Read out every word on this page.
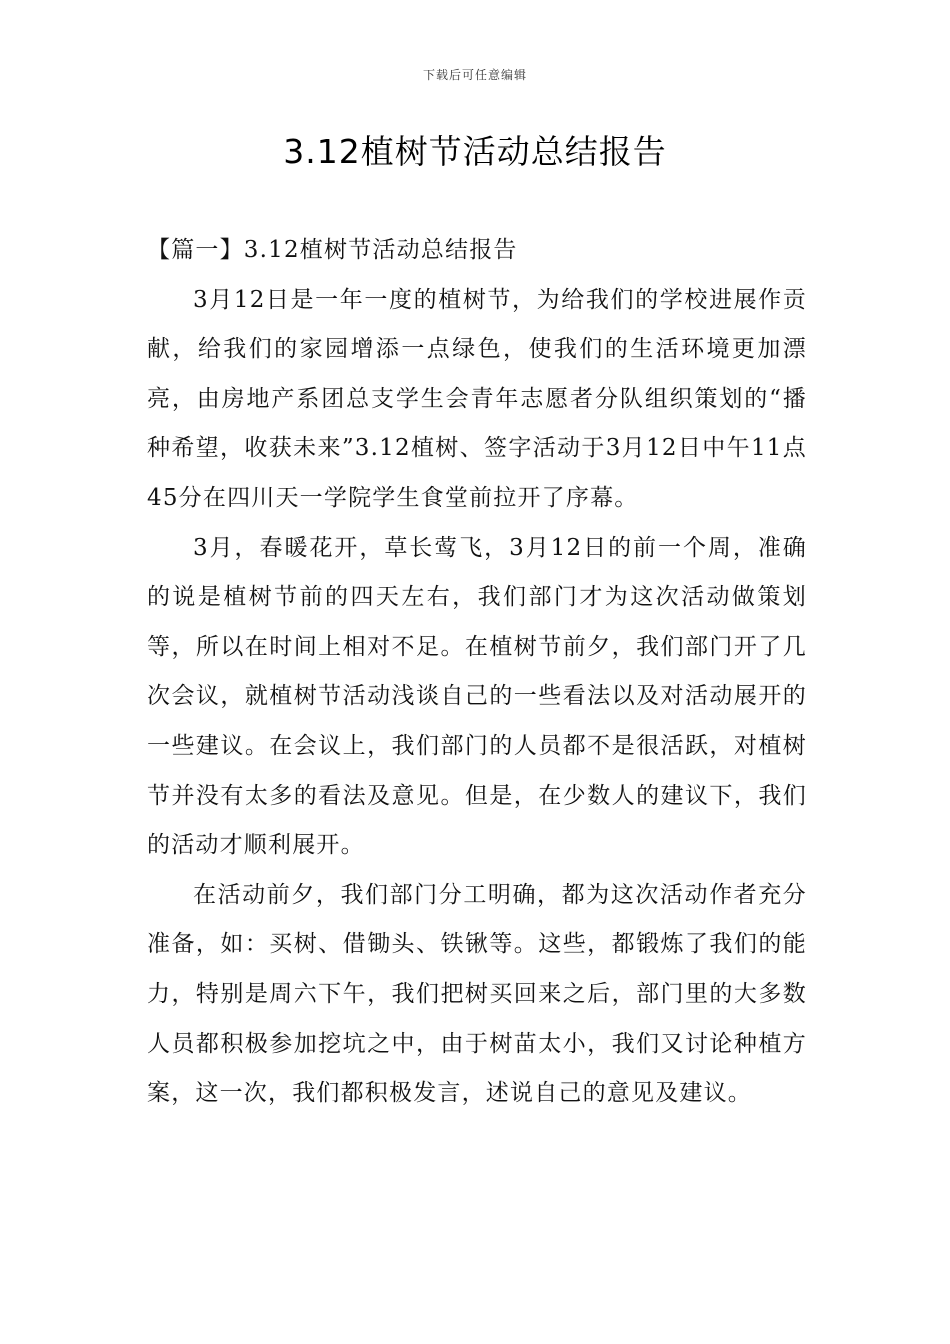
下载后可任意编辑
3.12植树节活动总结报告

【篇一】3.12植树节活动总结报告

3月12日是一年一度的植树节，为给我们的学校进展作贡献，给我们的家园增添一点绿色，使我们的生活环境更加漂亮，由房地产系团总支学生会青年志愿者分队组织策划的“播种希望，收获未来”3.12植树、签字活动于3月12日中午11点45分在四川天一学院学生食堂前拉开了序幕。

3月，春暖花开，草长莺飞，3月12日的前一个周，准确的说是植树节前的四天左右，我们部门才为这次活动做策划等，所以在时间上相对不足。在植树节前夕，我们部门开了几次会议，就植树节活动浅谈自己的一些看法以及对活动展开的一些建议。在会议上，我们部门的人员都不是很活跃，对植树节并没有太多的看法及意见。但是，在少数人的建议下，我们的活动才顺利展开。

在活动前夕，我们部门分工明确，都为这次活动作者充分准备，如：买树、借锄头、铁锹等。这些，都锻炼了我们的能力，特别是周六下午，我们把树买回来之后，部门里的大多数人员都积极参加挖坑之中，由于树苗太小，我们又讨论种植方案，这一次，我们都积极发言，述说自己的意见及建议。
